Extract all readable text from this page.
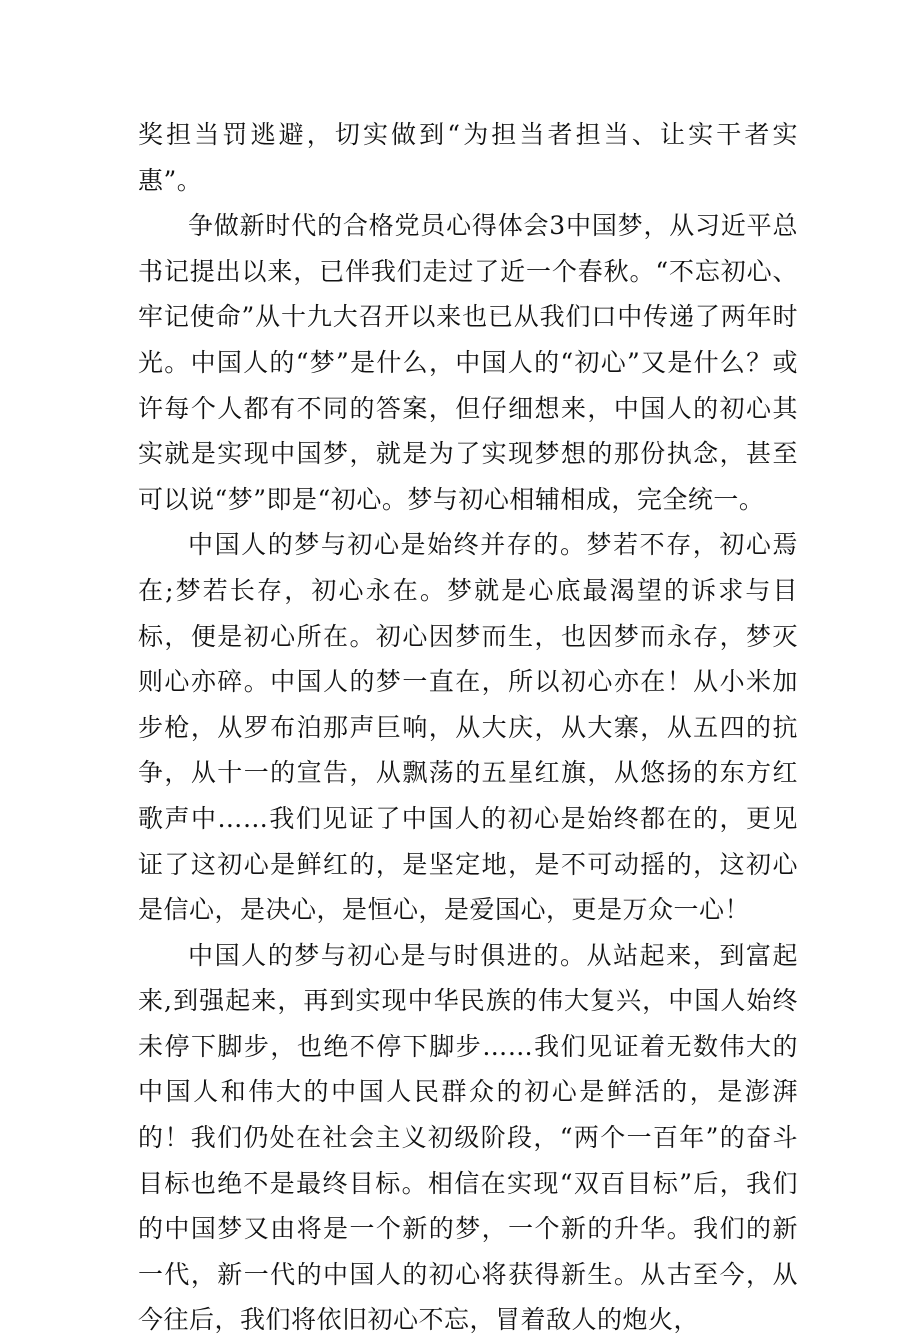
奖担当罚逃避，切实做到“为担当者担当、让实干者实惠”。

争做新时代的合格党员心得体会3中国梦，从习近平总书记提出以来，已伴我们走过了近一个春秋。“不忘初心、牢记使命”从十九大召开以来也已从我们口中传递了两年时光。中国人的“梦”是什么，中国人的“初心”又是什么？或许每个人都有不同的答案，但仔细想来，中国人的初心其实就是实现中国梦，就是为了实现梦想的那份执念，甚至可以说“梦”即是“初心。梦与初心相辅相成，完全统一。

中国人的梦与初心是始终并存的。梦若不存，初心焉在;梦若长存，初心永在。梦就是心底最渴望的诉求与目标，便是初心所在。初心因梦而生，也因梦而永存，梦灭则心亦碎。中国人的梦一直在，所以初心亦在！从小米加步枪，从罗布泊那声巨响，从大庆，从大寨，从五四的抗争，从十一的宣告，从飘荡的五星红旗，从悠扬的东方红歌声中……我们见证了中国人的初心是始终都在的，更见证了这初心是鲜红的，是坚定地，是不可动摇的，这初心是信心，是决心，是恒心，是爱国心，更是万众一心！

中国人的梦与初心是与时俱进的。从站起来，到富起来,到强起来，再到实现中华民族的伟大复兴，中国人始终未停下脚步，也绝不停下脚步……我们见证着无数伟大的中国人和伟大的中国人民群众的初心是鲜活的，是澎湃的！我们仍处在社会主义初级阶段，“两个一百年”的奋斗目标也绝不是最终目标。相信在实现“双百目标”后，我们的中国梦又由将是一个新的梦，一个新的升华。我们的新一代，新一代的中国人的初心将获得新生。从古至今，从今往后，我们将依旧初心不忘，冒着敌人的炮火，
